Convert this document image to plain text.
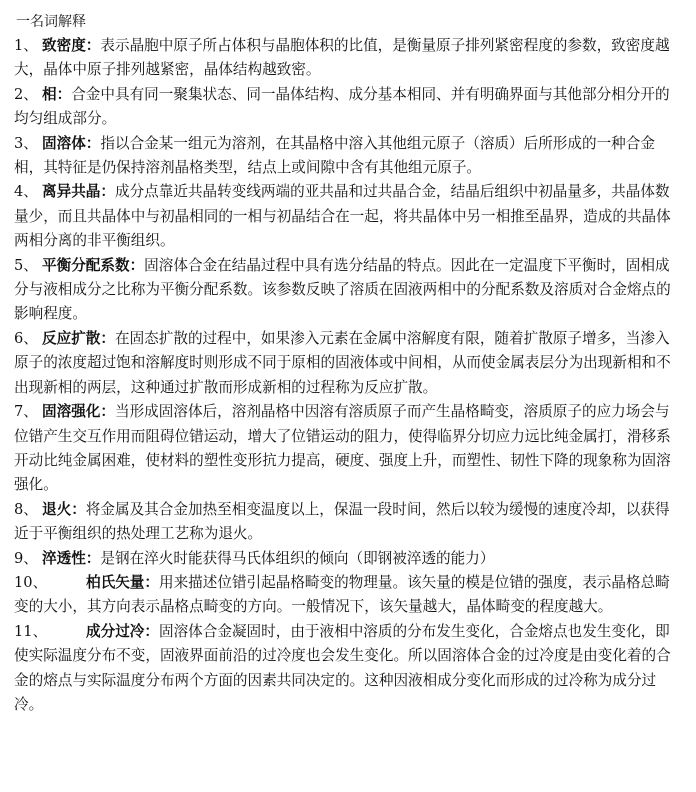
一名词解释
1、 致密度：表示晶胞中原子所占体积与晶胞体积的比值，是衡量原子排列紧密程度的参数，致密度越大，晶体中原子排列越紧密，晶体结构越致密。
2、 相：合金中具有同一聚集状态、同一晶体结构、成分基本相同、并有明确界面与其他部分相分开的均匀组成部分。
3、 固溶体：指以合金某一组元为溶剂，在其晶格中溶入其他组元原子（溶质）后所形成的一种合金相，其特征是仍保持溶剂晶格类型，结点上或间隙中含有其他组元原子。
4、 离异共晶：成分点靠近共晶转变线两端的亚共晶和过共晶合金，结晶后组织中初晶量多，共晶体数量少，而且共晶体中与初晶相同的一相与初晶结合在一起，将共晶体中另一相推至晶界，造成的共晶体两相分离的非平衡组织。
5、 平衡分配系数：固溶体合金在结晶过程中具有选分结晶的特点。因此在一定温度下平衡时，固相成分与液相成分之比称为平衡分配系数。该参数反映了溶质在固液两相中的分配系数及溶质对合金熔点的影响程度。
6、 反应扩散：在固态扩散的过程中，如果渗入元素在金属中溶解度有限，随着扩散原子增多，当渗入原子的浓度超过饱和溶解度时则形成不同于原相的固液体或中间相，从而使金属表层分为出现新相和不出现新相的两层，这种通过扩散而形成新相的过程称为反应扩散。
7、 固溶强化：当形成固溶体后，溶剂晶格中因溶有溶质原子而产生晶格畸变，溶质原子的应力场会与位错产生交互作用而阻碍位错运动，增大了位错运动的阻力，使得临界分切应力远比纯金属打，滑移系开动比纯金属困难，使材料的塑性变形抗力提高，硬度、强度上升，而塑性、韧性下降的现象称为固溶强化。
8、 退火：将金属及其合金加热至相变温度以上，保温一段时间，然后以较为缓慢的速度冷却，以获得近于平衡组织的热处理工艺称为退火。
9、 淬透性：是钢在淬火时能获得马氏体组织的倾向（即钢被淬透的能力）
10、	柏氏矢量：用来描述位错引起晶格畸变的物理量。该矢量的模是位错的强度，表示晶格总畸变的大小，其方向表示晶格点畸变的方向。一般情况下，该矢量越大，晶体畸变的程度越大。
11、	成分过冷：固溶体合金凝固时，由于液相中溶质的分布发生变化，合金熔点也发生变化，即使实际温度分布不变，固液界面前沿的过冷度也会发生变化。所以固溶体合金的过冷度是由变化着的合金的熔点与实际温度分布两个方面的因素共同决定的。这种因液相成分变化而形成的过冷称为成分过冷。
